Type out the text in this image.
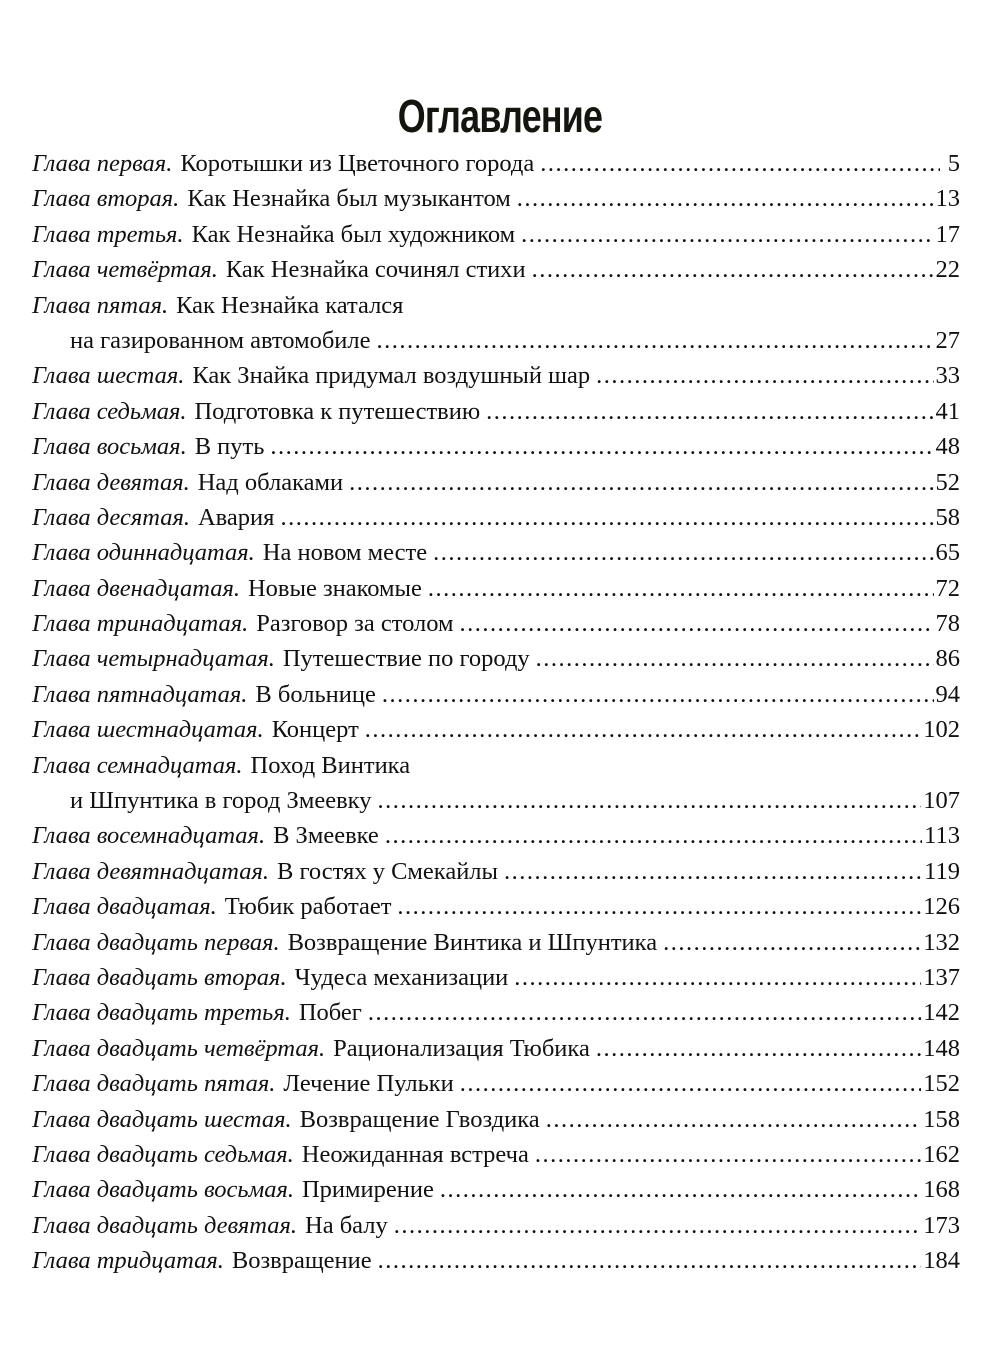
Оглавление
Глава первая. Коротышки из Цветочного города .....	5
Глава вторая. Как Незнайка был музыкантом .....	13
Глава третья. Как Незнайка был художником .....	17
Глава четвёртая. Как Незнайка сочинял стихи .....	22
Глава пятая. Как Незнайка катался
на газированном автомобиле .....	27
Глава шестая. Как Знайка придумал воздушный шар .....	33
Глава седьмая. Подготовка к путешествию .....	41
Глава восьмая. В путь .....	48
Глава девятая. Над облаками .....	52
Глава десятая. Авария .....	58
Глава одиннадцатая. На новом месте .....	65
Глава двенадцатая. Новые знакомые .....	72
Глава тринадцатая. Разговор за столом .....	78
Глава четырнадцатая. Путешествие по городу .....	86
Глава пятнадцатая. В больнице .....	94
Глава шестнадцатая. Концерт .....	102
Глава семнадцатая. Поход Винтика
и Шпунтика в город Змеевку .....	107
Глава восемнадцатая. В Змеевке .....	113
Глава девятнадцатая. В гостях у Смекайлы .....	119
Глава двадцатая. Тюбик работает .....	126
Глава двадцать первая. Возвращение Винтика и Шпунтика .....	132
Глава двадцать вторая. Чудеса механизации .....	137
Глава двадцать третья. Побег .....	142
Глава двадцать четвёртая. Рационализация Тюбика .....	148
Глава двадцать пятая. Лечение Пульки .....	152
Глава двадцать шестая. Возвращение Гвоздика .....	158
Глава двадцать седьмая. Неожиданная встреча .....	162
Глава двадцать восьмая. Примирение .....	168
Глава двадцать девятая. На балу .....	173
Глава тридцатая. Возвращение .....	184
